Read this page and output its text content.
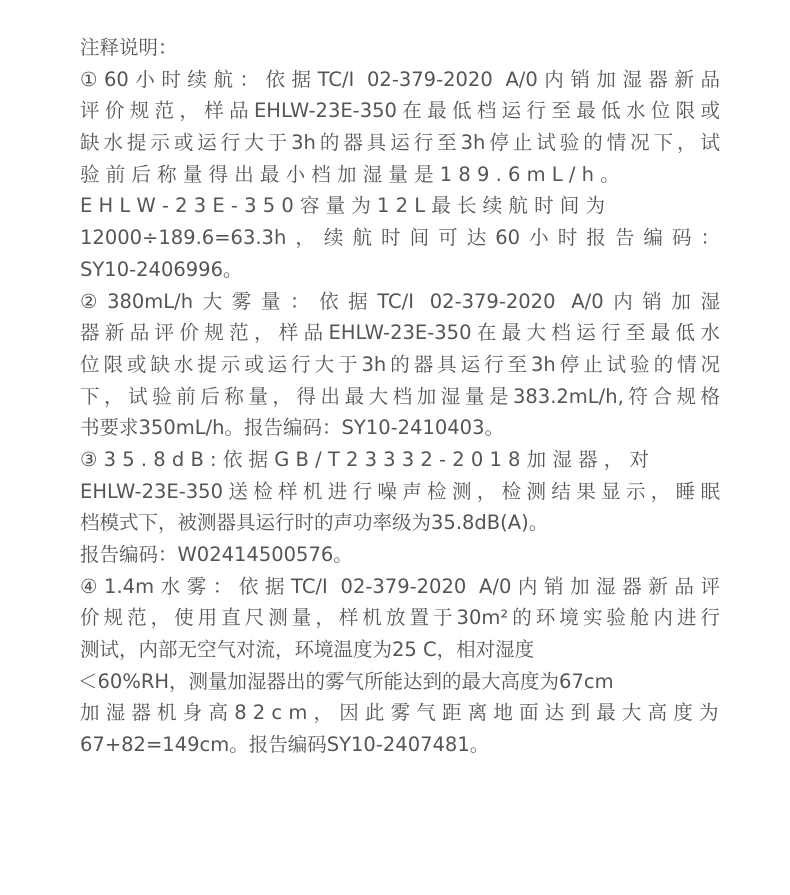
注释说明：
①60小时续航：依据TC/I 02-379-2020 A/0内销加湿器新品
评价规范，样品EHLW-23E-350在最低档运行至最低水位限或
缺水提示或运行大于3h的器具运行至3h停止试验的情况下，试
验 前 后 称 量 得 出 最 小 档 加 湿 量 是 1 8 9 . 6 m L / h 。
E H L W - 2 3 E - 3 5 0 容 量 为 1 2 L 最 长 续 航 时 间 为
12000÷189.6=63.3h，续航时间可达60小时报告编码：
SY10-2406996。
②380mL/h大雾量：依据TC/I 02-379-2020 A/0内销加湿
器新品评价规范，样品EHLW-23E-350在最大档运行至最低水
位限或缺水提示或运行大于3h的器具运行至3h停止试验的情况
下，试验前后称量，得出最大档加湿量是383.2mL/h,符合规格
书要求350mL/h。报告编码：SY10-2410403。
③ 3 5 . 8 d B : 依 据 G B / T 2 3 3 3 2 - 2 0 1 8 加 湿 器 ， 对
EHLW-23E-350送检样机进行噪声检测，检测结果显示，睡眠
档模式下，被测器具运行时的声功率级为35.8dB(A)。
报告编码：W02414500576。
④1.4m水雾：依据TC/I 02-379-2020 A/0内销加湿器新品评
价规范，使用直尺测量，样机放置于30m²的环境实验舱内进行
测试，内部无空气对流，环境温度为25 C，相对湿度
＜60%RH，测量加湿器出的雾气所能达到的最大高度为67cm
加 湿 器 机 身 高 8 2 c m ， 因 此 雾 气 距 离 地 面 达 到 最 大 高 度 为
67+82=149cm。报告编码SY10-2407481。
